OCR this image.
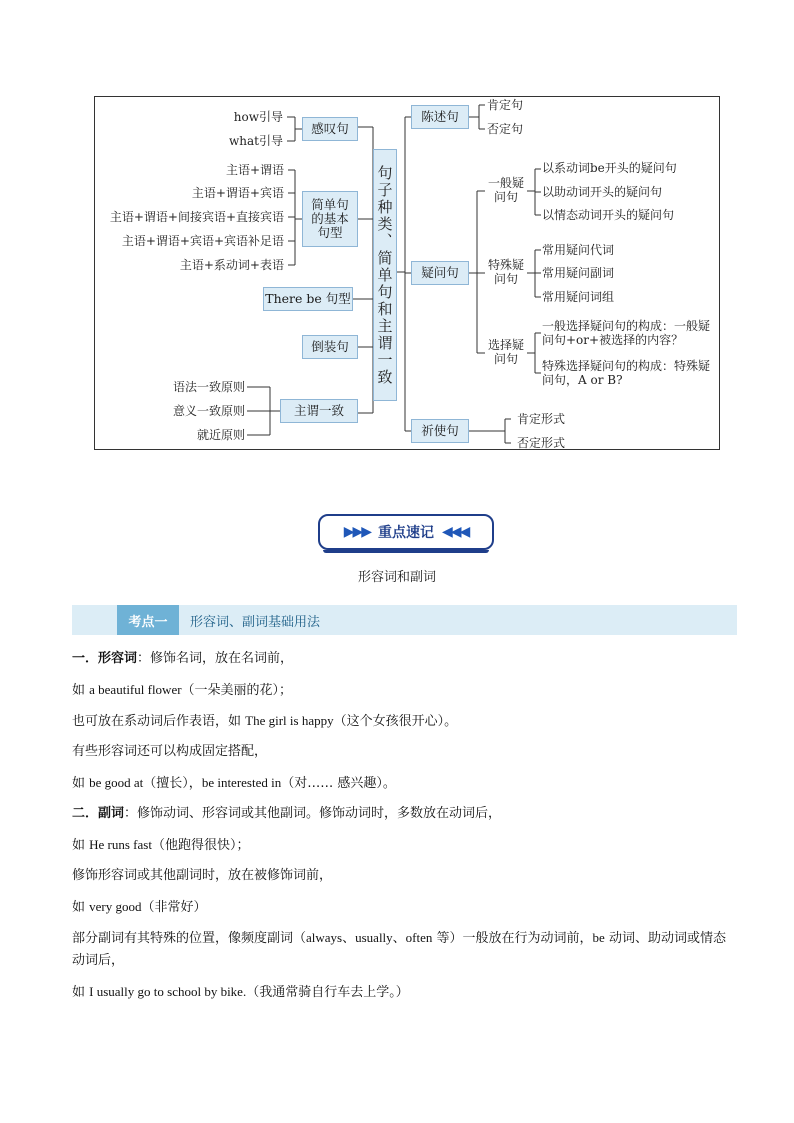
句子种类、简单句和主谓一致
感叹句
how引导
what引导
简单句的基本句型
主语+谓语
主语+谓语+宾语
主语+谓语+间接宾语+直接宾语
主语+谓语+宾语+宾语补足语
主语+系动词+表语
There be 句型
倒装句
主谓一致
语法一致原则
意义一致原则
就近原则
陈述句
肯定句
否定句
疑问句
一般疑问句
以系动词be开头的疑问句
以助动词开头的疑问句
以情态动词开头的疑问句
特殊疑问句
常用疑问代词
常用疑问副词
常用疑问词组
选择疑问句
一般选择疑问句的构成：一般疑问句+or+被选择的内容？
特殊选择疑问句的构成：特殊疑问句，A or B?
祈使句
肯定形式
否定形式
▶▶▶ 重点速记 ◀◀◀
形容词和副词
考点一	形容词、副词基础用法
一．形容词：修饰名词，放在名词前，
如 a beautiful flower（一朵美丽的花）；
也可放在系动词后作表语，如 The girl is happy（这个女孩很开心）。
有些形容词还可以构成固定搭配，
如 be good at（擅长），be interested in（对…… 感兴趣）。
二．副词：修饰动词、形容词或其他副词。修饰动词时，多数放在动词后，
如 He runs fast（他跑得很快）；
修饰形容词或其他副词时，放在被修饰词前，
如 very good（非常好）
部分副词有其特殊的位置，像频度副词（always、usually、often 等）一般放在行为动词前，be 动词、助动词或情态动词后，
如 I usually go to school by bike.（我通常骑自行车去上学。）
